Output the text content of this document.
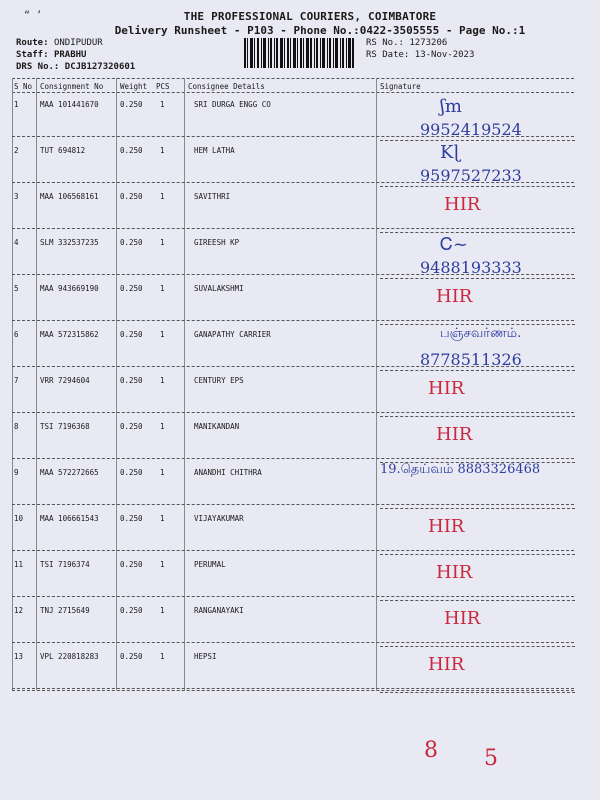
“ ’	THE PROFESSIONAL COURIERS, COIMBATORE
Delivery Runsheet - P103 - Phone No.:0422-3505555 - Page No.:1
Route: ONDIPUDUR
Staff: PRABHU
DRS No.: DCJB127320601
RS No.: 1273206
RS Date: 13-Nov-2023
S No Consignment No Weight PCS Consignee Details	Signature
1	MAA 101441670	0.250 1	SRI DURGA ENGG CO	ʃm
9952419524
2	TUT 694812	0.250 1	HEM LATHA	Kɭ
9597527233
3	MAA 106568161	0.250 1	SAVITHRI	HIR
4	SLM 332537235	0.250 1	GIREESH KP	Ꮯ~
9488193333
5	MAA 943669190	0.250 1	SUVALAKSHMI	HIR
6	MAA 572315862	0.250 1	GANAPATHY CARRIER	பஞ்சவர்ணம்.
8778511326
7	VRR 7294604	0.250 1	CENTURY EPS	HIR
8	TSI 7196368	0.250 1	MANIKANDAN	HIR
9	MAA 572272665	0.250 1	ANANDHI CHITHRA	19.தெய்வம் 8883326468
10 MAA 106661543	0.250 1	VIJAYAKUMAR	HIR
11 TSI 7196374	0.250 1	PERUMAL	HIR
12 TNJ 2715649	0.250 1	RANGANAYAKI	HIR
13 VPL 220818283	0.250 1	HEPSI	HIR
8 5
